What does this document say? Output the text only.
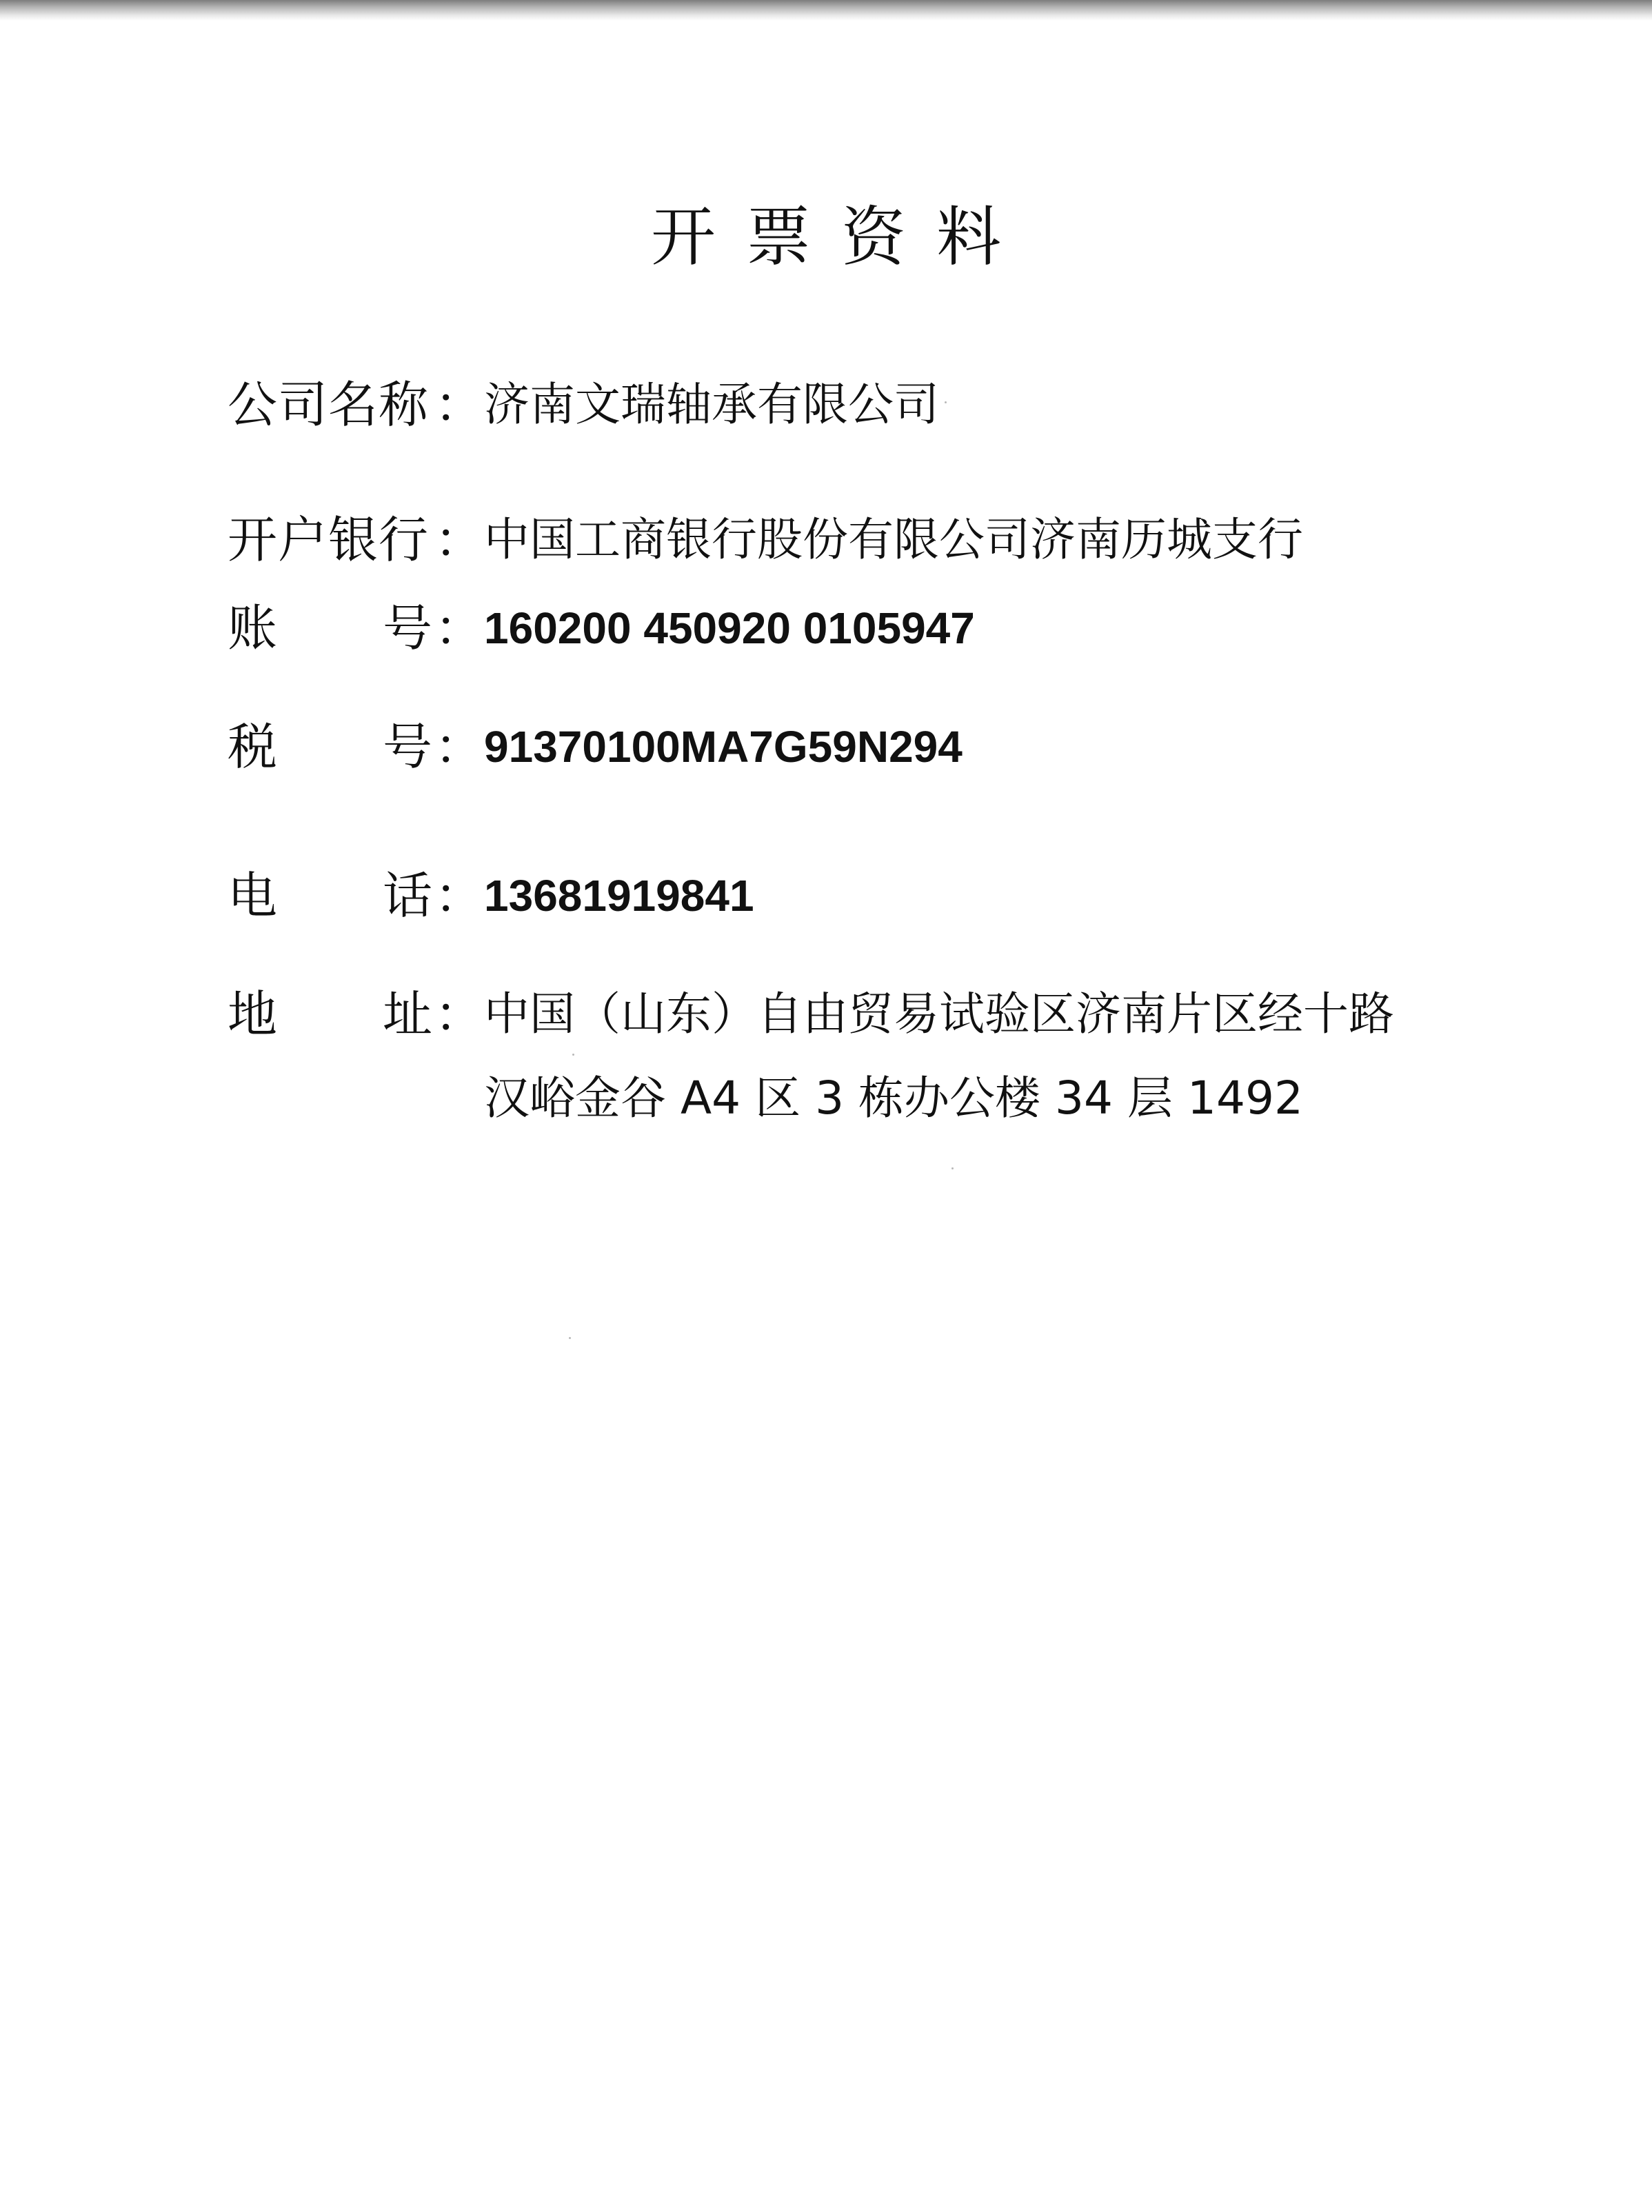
开票资料
公司名称 ： 济南文瑞轴承有限公司
开户银行 ： 中国工商银行股份有限公司济南历城支行
账 号 ： 160200 450920 0105947
税 号 ： 91370100MA7G59N294
电 话 ： 13681919841
地 址 ： 中国（山东）自由贸易试验区济南片区经十路
汉峪金谷 A4 区 3 栋办公楼 34 层 1492
